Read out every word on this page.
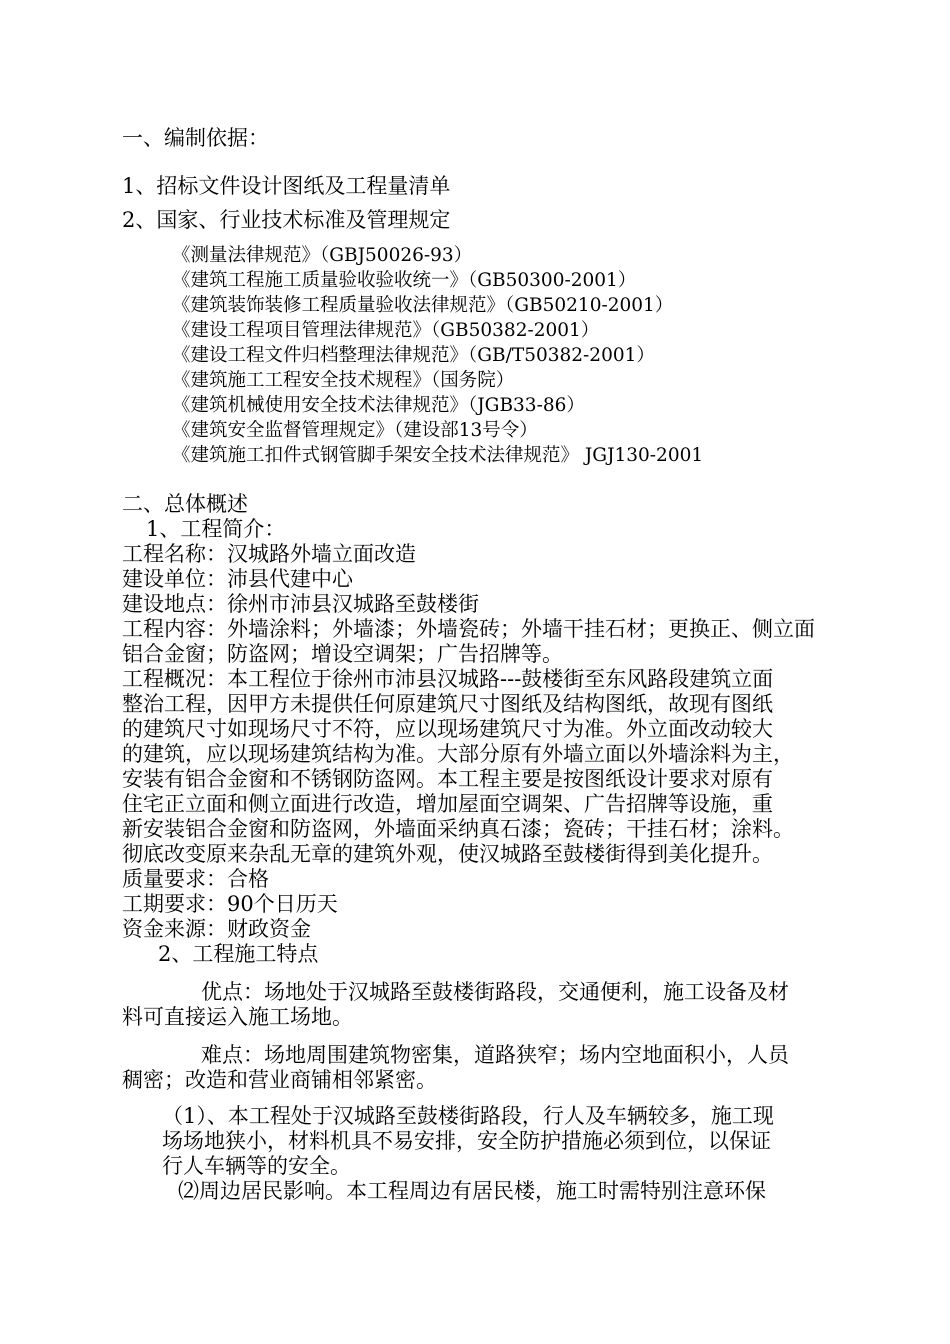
一、编制依据：
1、招标文件设计图纸及工程量清单
2、国家、行业技术标准及管理规定
《测量法律规范》（GBJ50026-93）
《建筑工程施工质量验收验收统一》（GB50300-2001）
《建筑装饰装修工程质量验收法律规范》（GB50210-2001）
《建设工程项目管理法律规范》（GB50382-2001）
《建设工程文件归档整理法律规范》（GB/T50382-2001）
《建筑施工工程安全技术规程》（国务院）
《建筑机械使用安全技术法律规范》（JGB33-86）
《建筑安全监督管理规定》（建设部13号令）
《建筑施工扣件式钢管脚手架安全技术法律规范》 JGJ130-2001
二、总体概述
1、工程简介：
工程名称：汉城路外墙立面改造
建设单位：沛县代建中心
建设地点：徐州市沛县汉城路至鼓楼街
工程内容：外墙涂料；外墙漆；外墙瓷砖；外墙干挂石材；更换正、侧立面
铝合金窗；防盗网；增设空调架；广告招牌等。
工程概况：本工程位于徐州市沛县汉城路---鼓楼街至东风路段建筑立面
整治工程，因甲方未提供任何原建筑尺寸图纸及结构图纸，故现有图纸
的建筑尺寸如现场尺寸不符，应以现场建筑尺寸为准。外立面改动较大
的建筑，应以现场建筑结构为准。大部分原有外墙立面以外墙涂料为主，
安装有铝合金窗和不锈钢防盗网。本工程主要是按图纸设计要求对原有
住宅正立面和侧立面进行改造，增加屋面空调架、广告招牌等设施，重
新安装铝合金窗和防盗网，外墙面采纳真石漆；瓷砖；干挂石材；涂料。
彻底改变原来杂乱无章的建筑外观，使汉城路至鼓楼街得到美化提升。
质量要求：合格
工期要求：90个日历天
资金来源：财政资金
2、工程施工特点
优点：场地处于汉城路至鼓楼街路段，交通便利，施工设备及材
料可直接运入施工场地。
难点：场地周围建筑物密集，道路狭窄；场内空地面积小，人员
稠密；改造和营业商铺相邻紧密。
（1）、本工程处于汉城路至鼓楼街路段，行人及车辆较多，施工现
场场地狭小，材料机具不易安排，安全防护措施必须到位，以保证
行人车辆等的安全。
⑵周边居民影响。本工程周边有居民楼，施工时需特别注意环保
